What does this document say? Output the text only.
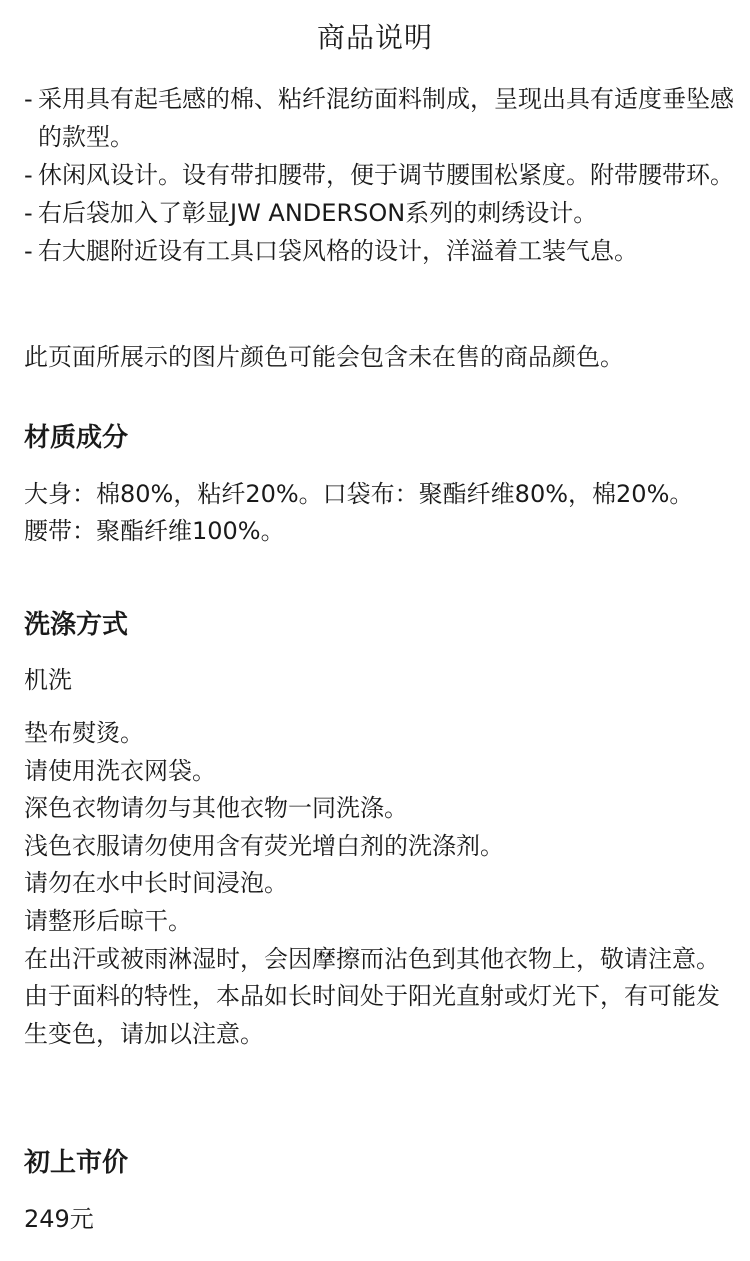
商品说明
- 采用具有起毛感的棉、粘纤混纺面料制成，呈现出具有适度垂坠感的款型。
- 休闲风设计。设有带扣腰带，便于调节腰围松紧度。附带腰带环。
- 右后袋加入了彰显JW ANDERSON系列的刺绣设计。
- 右大腿附近设有工具口袋风格的设计，洋溢着工装气息。
此页面所展示的图片颜色可能会包含未在售的商品颜色。
材质成分
大身：棉80%，粘纤20%。口袋布：聚酯纤维80%，棉20%。
腰带：聚酯纤维100%。
洗涤方式
机洗
垫布熨烫。
请使用洗衣网袋。
深色衣物请勿与其他衣物一同洗涤。
浅色衣服请勿使用含有荧光增白剂的洗涤剂。
请勿在水中长时间浸泡。
请整形后晾干。
在出汗或被雨淋湿时，会因摩擦而沾色到其他衣物上，敬请注意。
由于面料的特性，本品如长时间处于阳光直射或灯光下，有可能发生变色，请加以注意。
初上市价
249元
